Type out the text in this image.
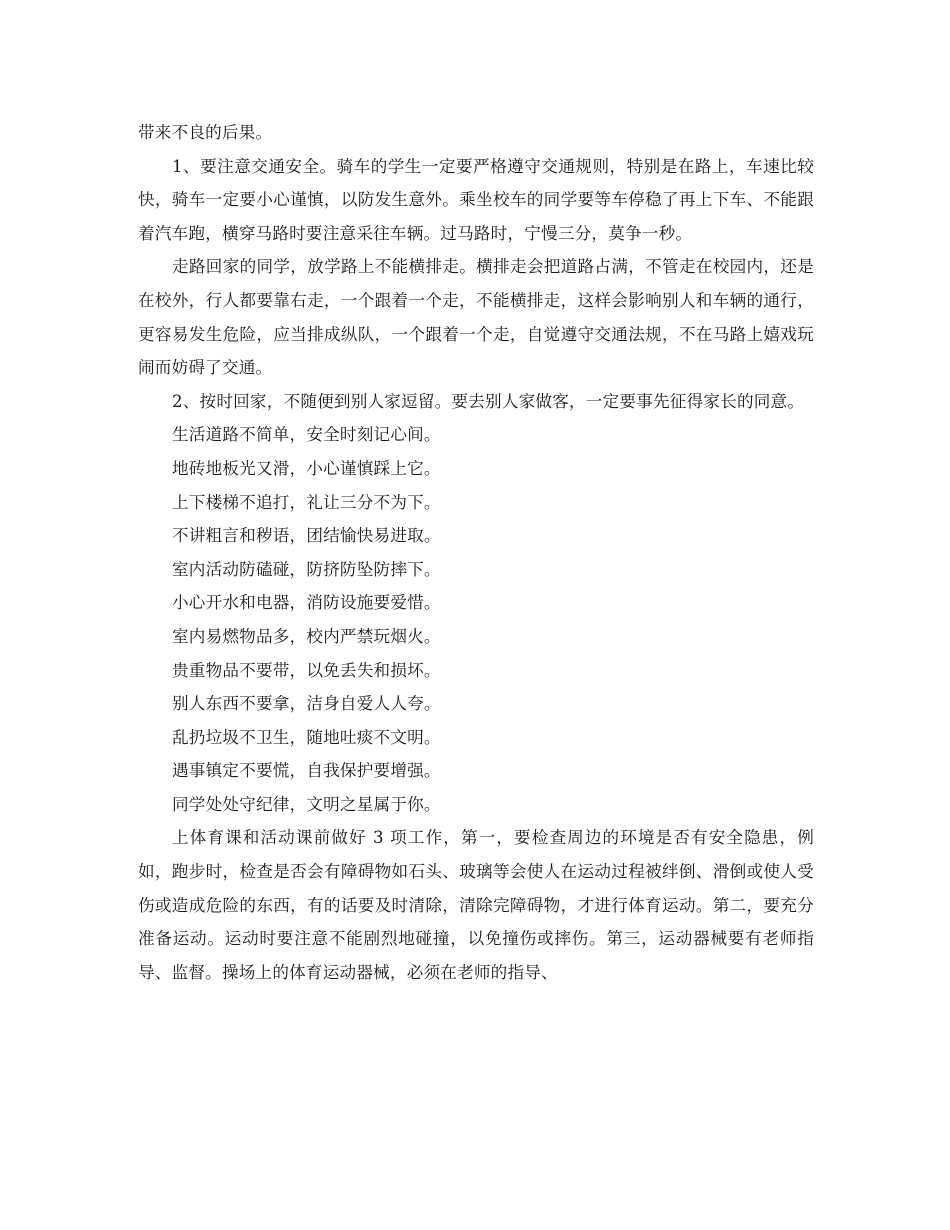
带来不良的后果。

1、要注意交通安全。骑车的学生一定要严格遵守交通规则，特别是在路上，车速比较快，骑车一定要小心谨慎，以防发生意外。乘坐校车的同学要等车停稳了再上下车、不能跟着汽车跑，横穿马路时要注意采往车辆。过马路时，宁慢三分，莫争一秒。

走路回家的同学，放学路上不能横排走。横排走会把道路占满，不管走在校园内，还是在校外，行人都要靠右走，一个跟着一个走，不能横排走，这样会影响别人和车辆的通行，更容易发生危险，应当排成纵队，一个跟着一个走，自觉遵守交通法规，不在马路上嬉戏玩闹而妨碍了交通。

2、按时回家，不随便到别人家逗留。要去别人家做客，一定要事先征得家长的同意。

生活道路不简单，安全时刻记心间。

地砖地板光又滑，小心谨慎踩上它。

上下楼梯不追打，礼让三分不为下。

不讲粗言和秽语，团结愉快易进取。

室内活动防磕碰，防挤防坠防摔下。

小心开水和电器，消防设施要爱惜。

室内易燃物品多，校内严禁玩烟火。

贵重物品不要带，以免丢失和损坏。

别人东西不要拿，洁身自爱人人夸。

乱扔垃圾不卫生，随地吐痰不文明。

遇事镇定不要慌，自我保护要增强。

同学处处守纪律，文明之星属于你。

上体育课和活动课前做好 3 项工作，第一，要检查周边的环境是否有安全隐患，例如，跑步时，检查是否会有障碍物如石头、玻璃等会使人在运动过程被绊倒、滑倒或使人受伤或造成危险的东西，有的话要及时清除，清除完障碍物，才进行体育运动。第二，要充分准备运动。运动时要注意不能剧烈地碰撞，以免撞伤或摔伤。第三，运动器械要有老师指导、监督。操场上的体育运动器械，必须在老师的指导、
